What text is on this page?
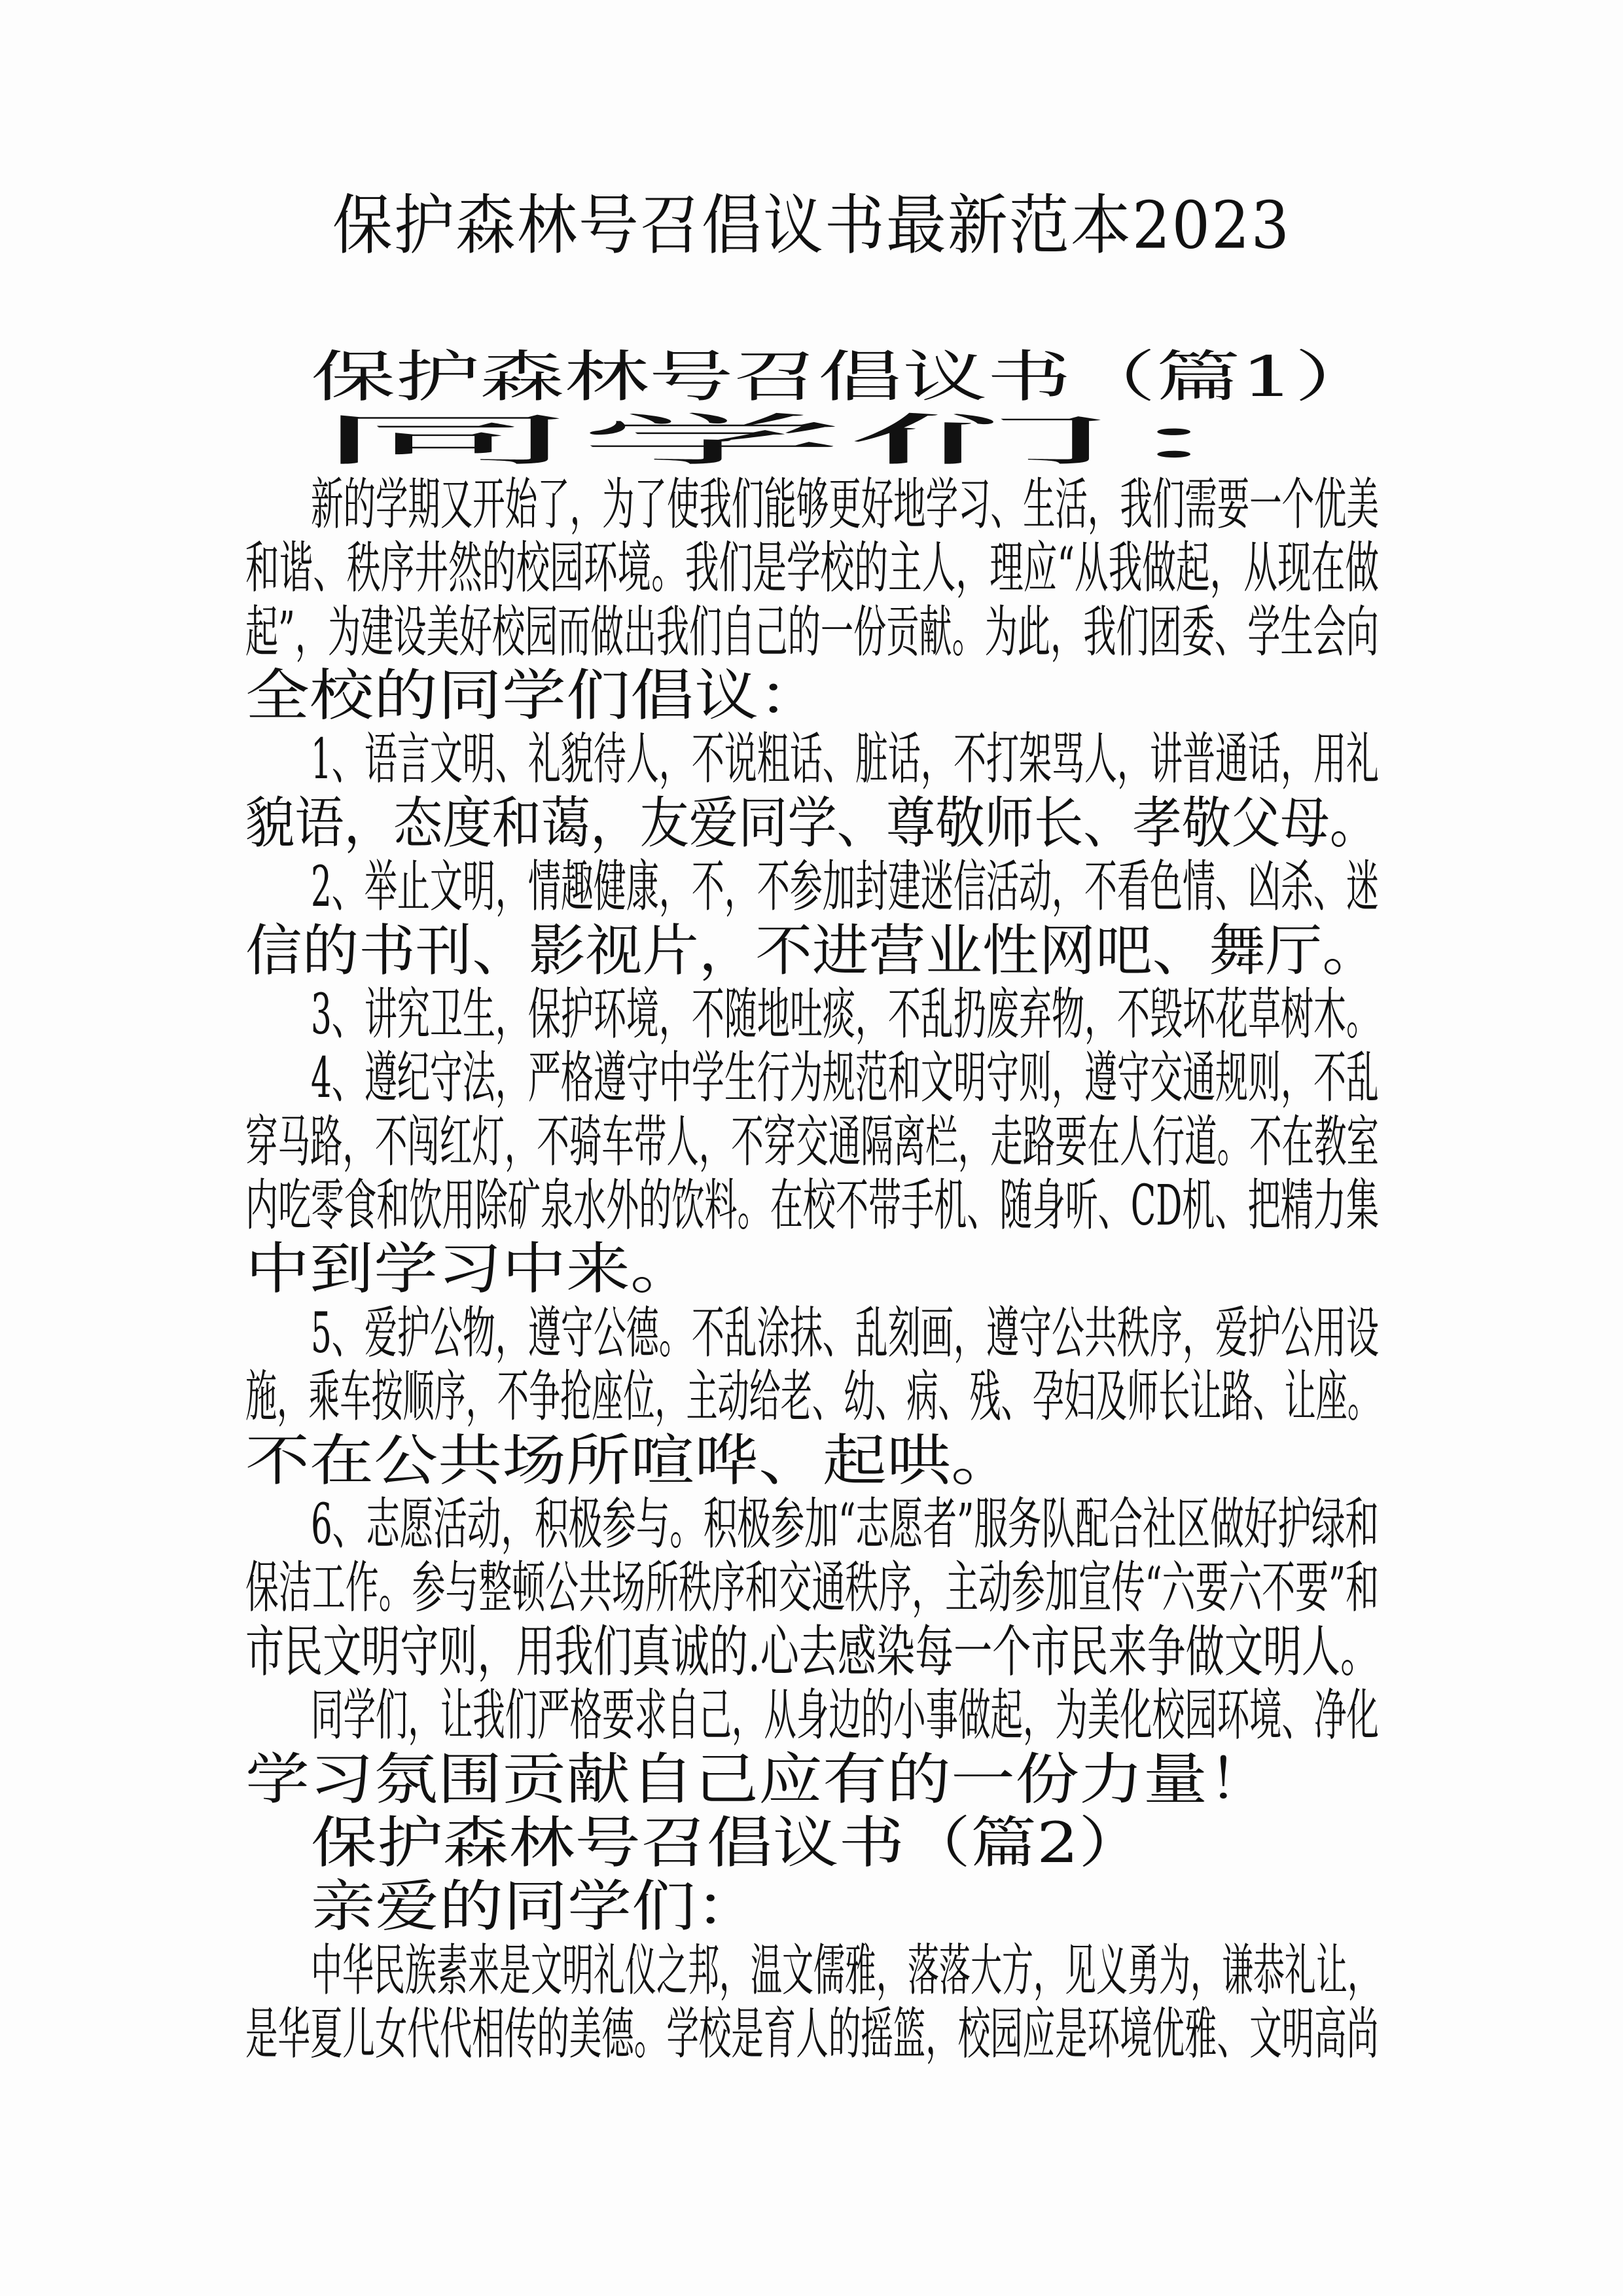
保护森林号召倡议书最新范本2023
保护森林号召倡议书（篇1）
同学们：
新的学期又开始了，为了使我们能够更好地学习、生活，我们需要一个优美
和谐、秩序井然的校园环境。我们是学校的主人，理应“从我做起，从现在做
起”，为建设美好校园而做出我们自己的一份贡献。为此，我们团委、学生会向
全校的同学们倡议：
1、语言文明、礼貌待人，不说粗话、脏话，不打架骂人，讲普通话，用礼
貌语，态度和蔼，友爱同学、尊敬师长、孝敬父母。
2、举止文明，情趣健康，不，不参加封建迷信活动，不看色情、凶杀、迷
信的书刊、影视片，不进营业性网吧、舞厅。
3、讲究卫生，保护环境，不随地吐痰，不乱扔废弃物，不毁坏花草树木。
4、遵纪守法，严格遵守中学生行为规范和文明守则，遵守交通规则，不乱
穿马路，不闯红灯，不骑车带人，不穿交通隔离栏，走路要在人行道。不在教室
内吃零食和饮用除矿泉水外的饮料。在校不带手机、随身听、CD机、把精力集
中到学习中来。
5、爱护公物，遵守公德。不乱涂抹、乱刻画，遵守公共秩序，爱护公用设
施，乘车按顺序，不争抢座位，主动给老、幼、病、残、孕妇及师长让路、让座。
不在公共场所喧哗、起哄。
6、志愿活动，积极参与。积极参加“志愿者”服务队配合社区做好护绿和
保洁工作。参与整顿公共场所秩序和交通秩序，主动参加宣传“六要六不要”和
市民文明守则，用我们真诚的.心去感染每一个市民来争做文明人。
同学们，让我们严格要求自己，从身边的小事做起，为美化校园环境、净化
学习氛围贡献自己应有的一份力量！
保护森林号召倡议书（篇2）
亲爱的同学们：
中华民族素来是文明礼仪之邦，温文儒雅，落落大方，见义勇为，谦恭礼让，
是华夏儿女代代相传的美德。学校是育人的摇篮，校园应是环境优雅、文明高尚
